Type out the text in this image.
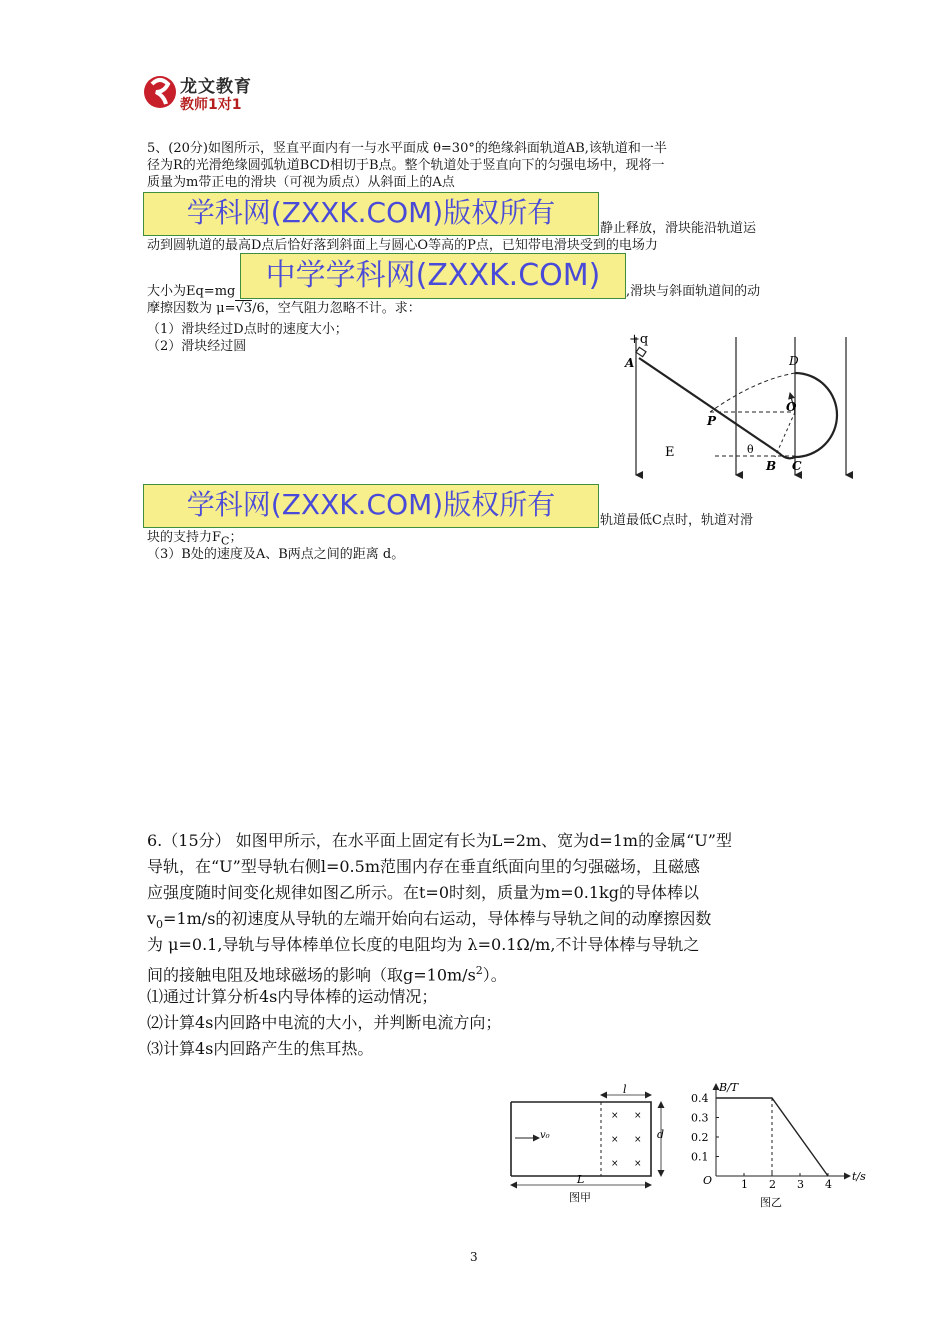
龙文教育
教师1对1
5、(20分)如图所示，竖直平面内有一与水平面成 θ=30°的绝缘斜面轨道AB,该轨道和一半
径为R的光滑绝缘圆弧轨道BCD相切于B点。整个轨道处于竖直向下的匀强电场中，现将一
质量为m带正电的滑块（可视为质点）从斜面上的A点
学科网(ZXXK.COM)版权所有	静止释放，滑块能沿轨道运
动到圆轨道的最高D点后恰好落到斜面上与圆心O等高的P点，已知带电滑块受到的电场力
大小为Eq=mg	中学学科网(ZXXK.COM)	,滑块与斜面轨道间的动
摩擦因数为 μ=√3/6，空气阻力忽略不计。求：
（1）滑块经过D点时的速度大小；
（2）滑块经过圆	+q
A
P
O
D
B C
E	θ
学科网(ZXXK.COM)版权所有	轨道最低C点时，轨道对滑
块的支持力$F_C$；
（3）B处的速度及A、B两点之间的距离 d。
6.（15分） 如图甲所示，在水平面上固定有长为L=2m、宽为d=1m的金属“U”型
导轨，在“U”型导轨右侧l=0.5m范围内存在垂直纸面向里的匀强磁场，且磁感
应强度随时间变化规律如图乙所示。在t=0时刻，质量为m=0.1kg的导体棒以
$v_0=1m/s$的初速度从导轨的左端开始向右运动，导体棒与导轨之间的动摩擦因数
为 μ=0.1,导轨与导体棒单位长度的电阻均为 λ=0.1Ω/m,不计导体棒与导轨之
间的接触电阻及地球磁场的影响（取$g=10m/s^2$）。
⑴通过计算分析4s内导体棒的运动情况；
⑵计算4s内回路中电流的大小，并判断电流方向；
⑶计算4s内回路产生的焦耳热。
× ×
× ×
× ×
v₀
l
d
L
图甲
B/T
t/s
O	1 2 3 4
0.1
0.2
0.3
0.4
图乙
3
